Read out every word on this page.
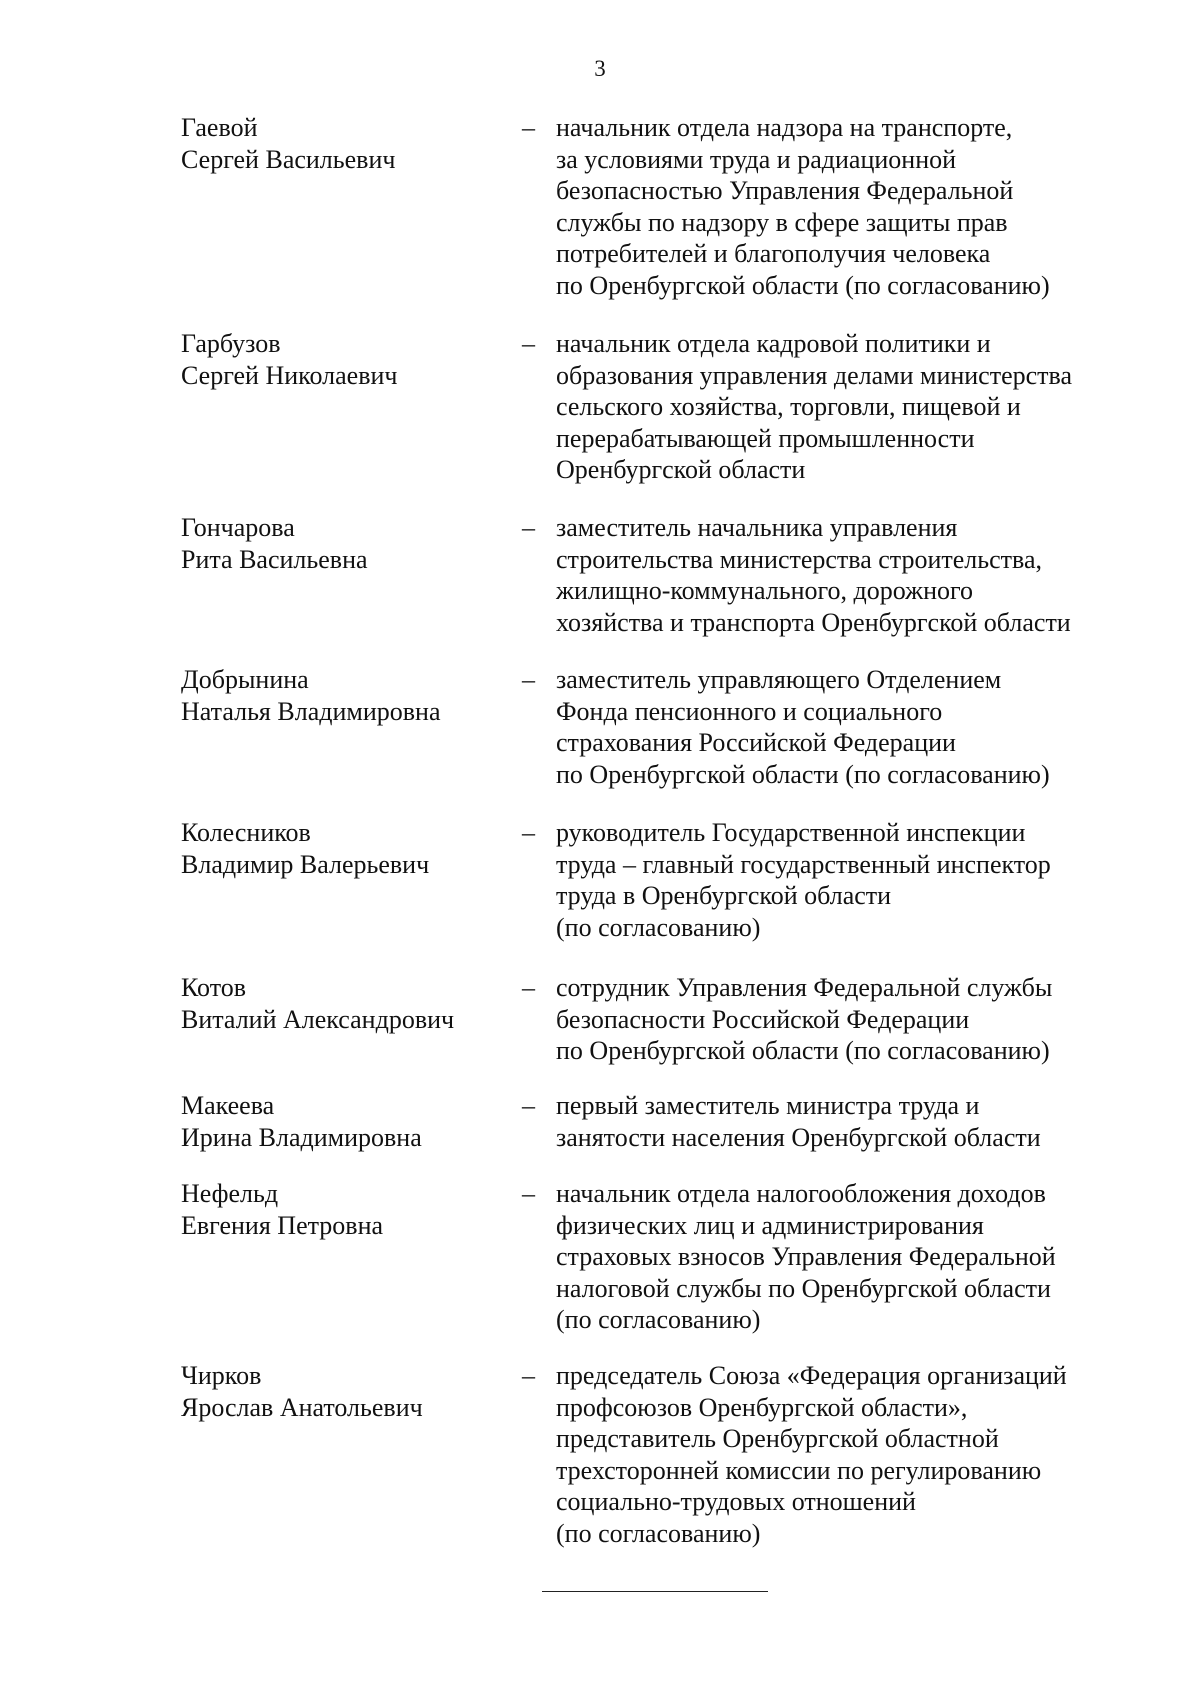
3
Гаевой
Сергей Васильевич
– начальник отдела надзора на транспорте,
за условиями труда и радиационной
безопасностью Управления Федеральной
службы по надзору в сфере защиты прав
потребителей и благополучия человека
по Оренбургской области (по согласованию)
Гарбузов
Сергей Николаевич
– начальник отдела кадровой политики и
образования управления делами министерства
сельского хозяйства, торговли, пищевой и
перерабатывающей промышленности
Оренбургской области
Гончарова
Рита Васильевна
– заместитель начальника управления
строительства министерства строительства,
жилищно-коммунального, дорожного
хозяйства и транспорта Оренбургской области
Добрынина
Наталья Владимировна
– заместитель управляющего Отделением
Фонда пенсионного и социального
страхования Российской Федерации
по Оренбургской области (по согласованию)
Колесников
Владимир Валерьевич
– руководитель Государственной инспекции
труда – главный государственный инспектор
труда в Оренбургской области
(по согласованию)
Котов
Виталий Александрович
– сотрудник Управления Федеральной службы
безопасности Российской Федерации
по Оренбургской области (по согласованию)
Макеева
Ирина Владимировна
– первый заместитель министра труда и
занятости населения Оренбургской области
Нефельд
Евгения Петровна
– начальник отдела налогообложения доходов
физических лиц и администрирования
страховых взносов Управления Федеральной
налоговой службы по Оренбургской области
(по согласованию)
Чирков
Ярослав Анатольевич
– председатель Союза «Федерация организаций
профсоюзов Оренбургской области»,
представитель Оренбургской областной
трехсторонней комиссии по регулированию
социально-трудовых отношений
(по согласованию)
